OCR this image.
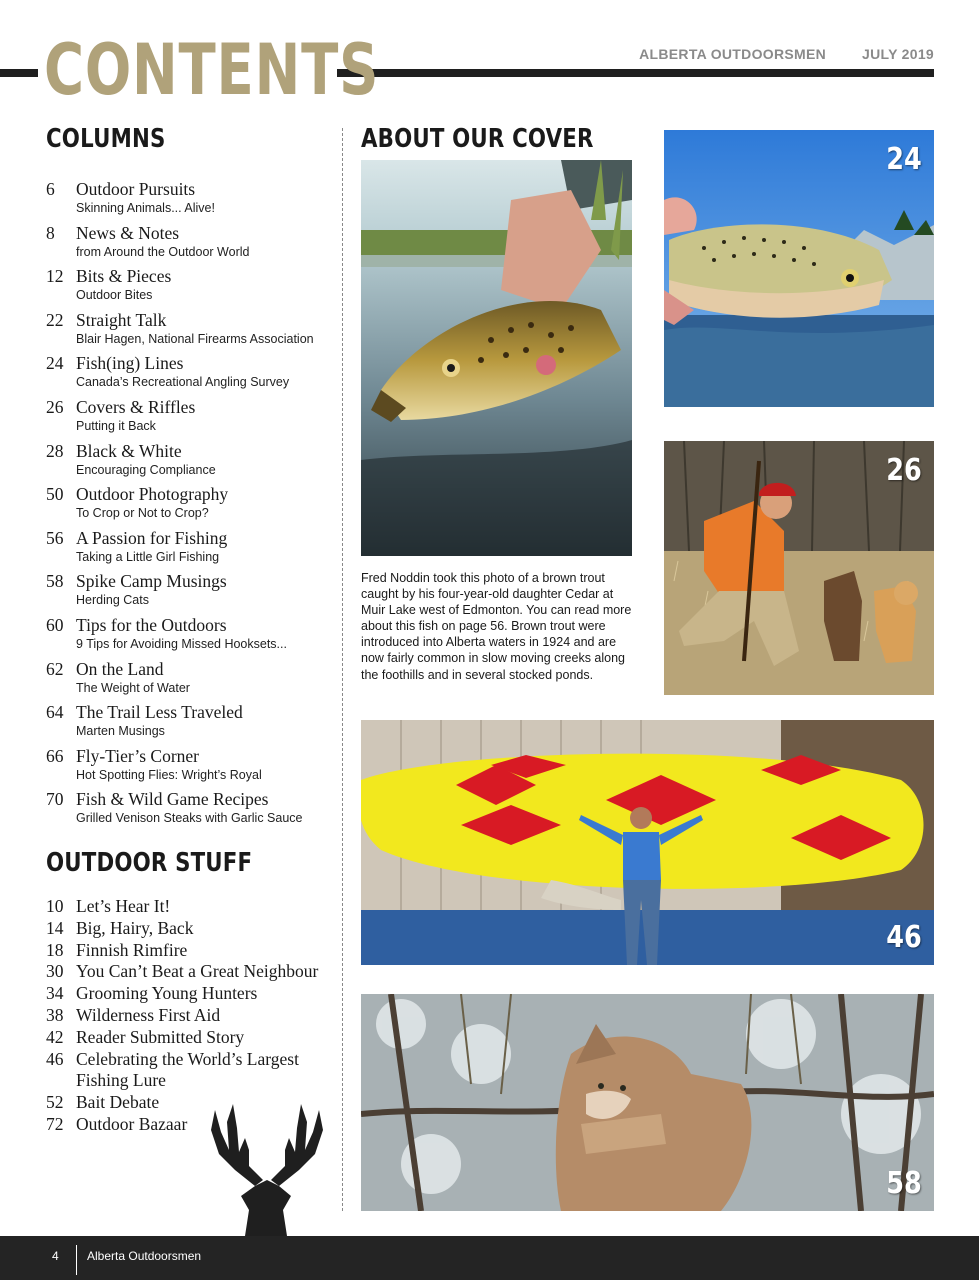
CONTENTS	ALBERTA OUTDOORSMEN	JULY 2019
COLUMNS
6	Outdoor Pursuits
Skinning Animals... Alive!
8	News & Notes
from Around the Outdoor World
12 Bits & Pieces
Outdoor Bites
22 Straight Talk
Blair Hagen, National Firearms Association
24 Fish(ing) Lines
Canada’s Recreational Angling Survey
26 Covers & Riffles
Putting it Back
28 Black & White
Encouraging Compliance
50 Outdoor Photography
To Crop or Not to Crop?
56 A Passion for Fishing
Taking a Little Girl Fishing
58 Spike Camp Musings
Herding Cats
60 Tips for the Outdoors
9 Tips for Avoiding Missed Hooksets...
62 On the Land
The Weight of Water
64 The Trail Less Traveled
Marten Musings
66 Fly-Tier’s Corner
Hot Spotting Flies: Wright’s Royal
70 Fish & Wild Game Recipes
Grilled Venison Steaks with Garlic Sauce
OUTDOOR STUFF
10 Let’s Hear It!
14 Big, Hairy, Back
18 Finnish Rimfire
30 You Can’t Beat a Great Neighbour
34 Grooming Young Hunters
38 Wilderness First Aid
42 Reader Submitted Story
46 Celebrating the World’s Largest Fishing Lure
52 Bait Debate
72 Outdoor Bazaar
ABOUT OUR COVER
Fred Noddin took this photo of a brown trout caught by his four-year-old daughter Cedar at Muir Lake west of Edmonton. You can read more about this fish on page 56. Brown trout were introduced into Alberta waters in 1924 and are now fairly common in slow moving creeks along the foothills and in several stocked ponds.
24
26
46
58
4 Alberta Outdoorsmen
